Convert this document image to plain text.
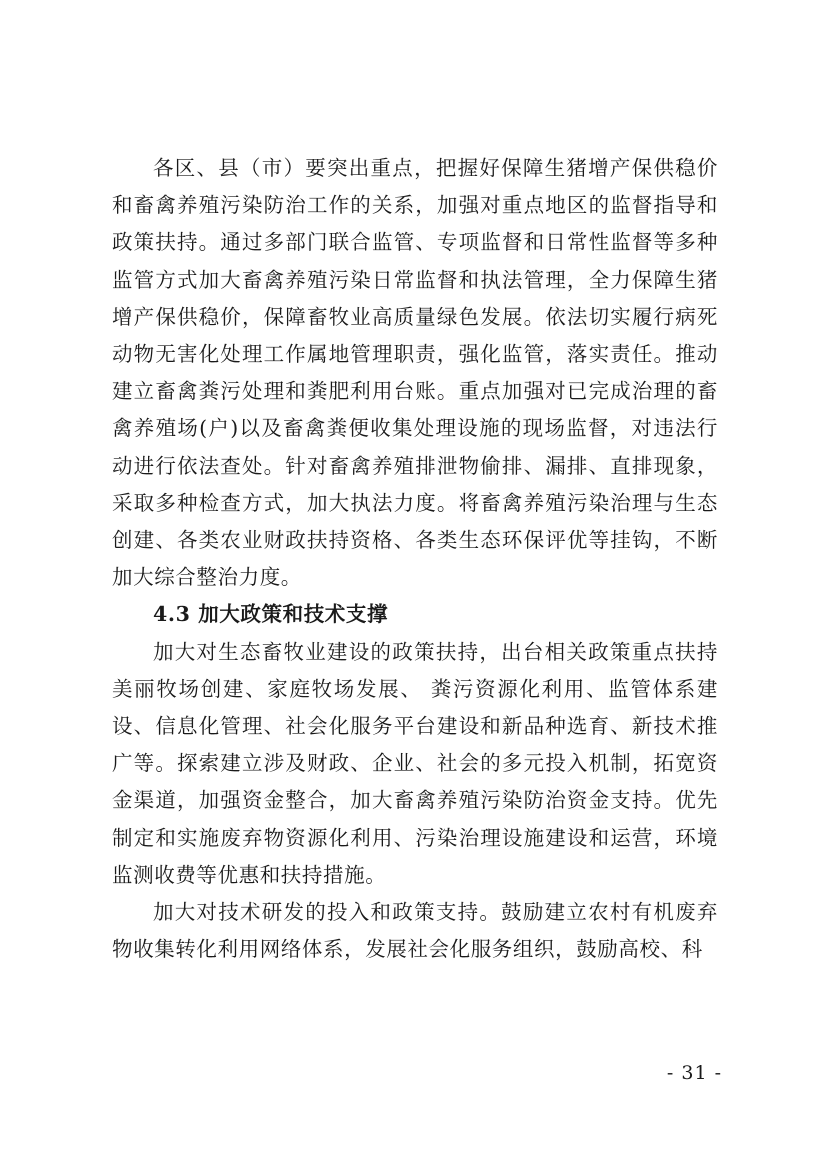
各区、县（市）要突出重点，把握好保障生猪增产保供稳价和畜禽养殖污染防治工作的关系，加强对重点地区的监督指导和政策扶持。通过多部门联合监管、专项监督和日常性监督等多种监管方式加大畜禽养殖污染日常监督和执法管理，全力保障生猪增产保供稳价，保障畜牧业高质量绿色发展。依法切实履行病死动物无害化处理工作属地管理职责，强化监管，落实责任。推动建立畜禽粪污处理和粪肥利用台账。重点加强对已完成治理的畜禽养殖场(户)以及畜禽粪便收集处理设施的现场监督，对违法行动进行依法查处。针对畜禽养殖排泄物偷排、漏排、直排现象，采取多种检查方式，加大执法力度。将畜禽养殖污染治理与生态创建、各类农业财政扶持资格、各类生态环保评优等挂钩，不断加大综合整治力度。

4.3 加大政策和技术支撑

加大对生态畜牧业建设的政策扶持，出台相关政策重点扶持美丽牧场创建、家庭牧场发展、 粪污资源化利用、监管体系建设、信息化管理、社会化服务平台建设和新品种选育、新技术推广等。探索建立涉及财政、企业、社会的多元投入机制，拓宽资金渠道，加强资金整合，加大畜禽养殖污染防治资金支持。优先制定和实施废弃物资源化利用、污染治理设施建设和运营，环境监测收费等优惠和扶持措施。

加大对技术研发的投入和政策支持。鼓励建立农村有机废弃物收集转化利用网络体系，发展社会化服务组织，鼓励高校、科

- 31 -
